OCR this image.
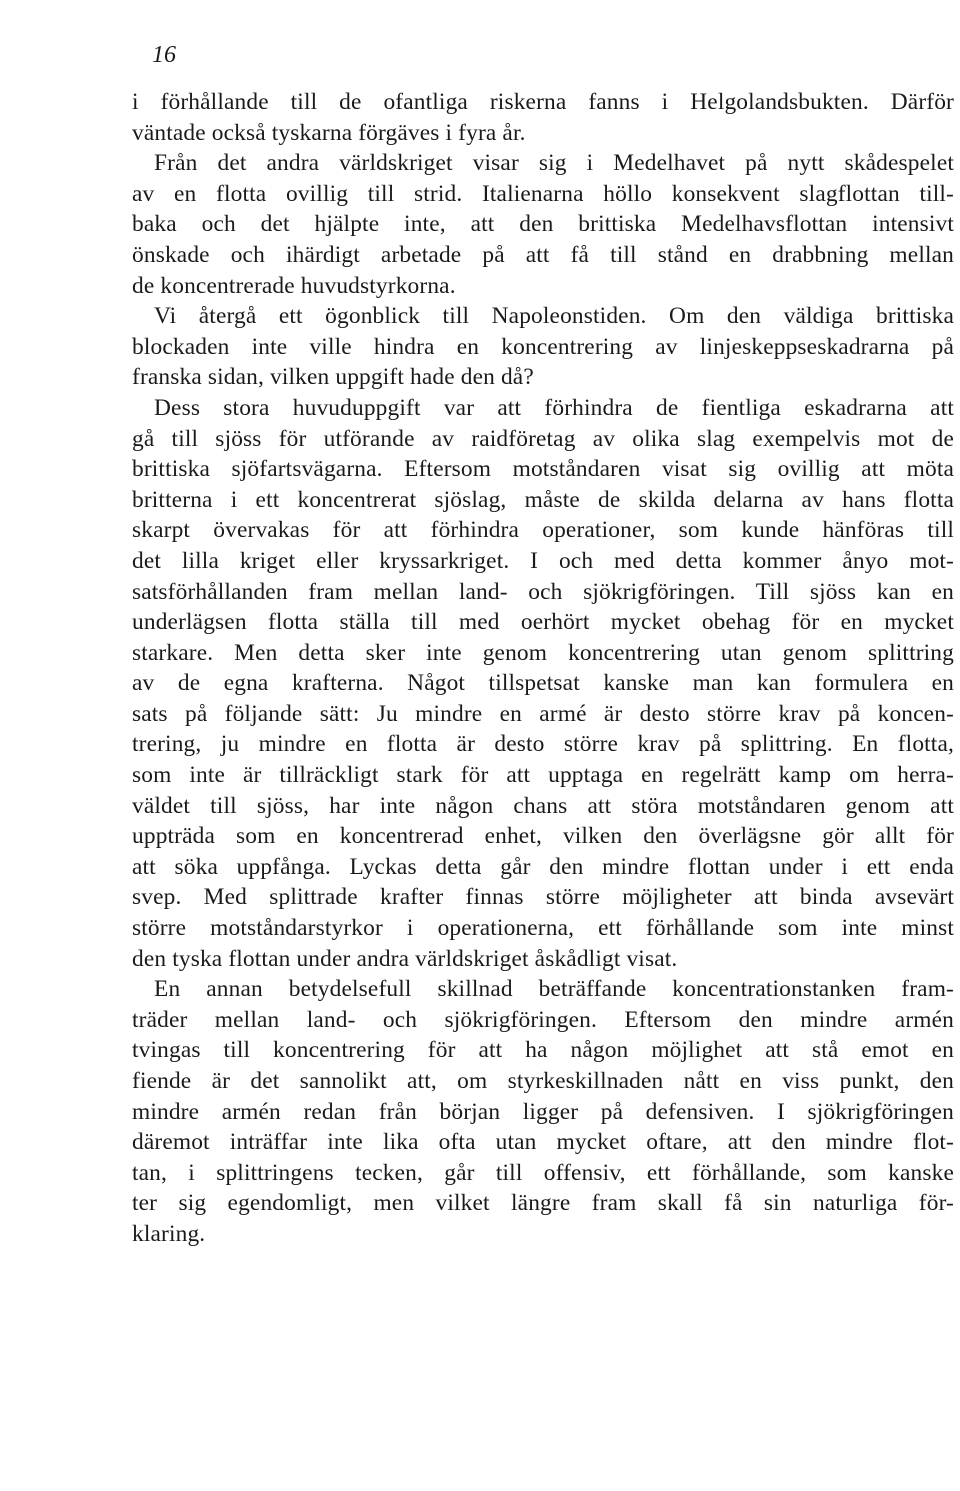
16
i förhållande till de ofantliga riskerna fanns i Helgolandsbukten. Därför
väntade också tyskarna förgäves i fyra år.
Från det andra världskriget visar sig i Medelhavet på nytt skådespelet
av en flotta ovillig till strid. Italienarna höllo konsekvent slagflottan till-
baka och det hjälpte inte, att den brittiska Medelhavsflottan intensivt
önskade och ihärdigt arbetade på att få till stånd en drabbning mellan
de koncentrerade huvudstyrkorna.
Vi återgå ett ögonblick till Napoleonstiden. Om den väldiga brittiska
blockaden inte ville hindra en koncentrering av linjeskeppseskadrarna på
franska sidan, vilken uppgift hade den då?
Dess stora huvuduppgift var att förhindra de fientliga eskadrarna att
gå till sjöss för utförande av raidföretag av olika slag exempelvis mot de
brittiska sjöfartsvägarna. Eftersom motståndaren visat sig ovillig att möta
britterna i ett koncentrerat sjöslag, måste de skilda delarna av hans flotta
skarpt övervakas för att förhindra operationer, som kunde hänföras till
det lilla kriget eller kryssarkriget. I och med detta kommer ånyo mot-
satsförhållanden fram mellan land- och sjökrigföringen. Till sjöss kan en
underlägsen flotta ställa till med oerhört mycket obehag för en mycket
starkare. Men detta sker inte genom koncentrering utan genom splittring
av de egna krafterna. Något tillspetsat kanske man kan formulera en
sats på följande sätt: Ju mindre en armé är desto större krav på koncen-
trering, ju mindre en flotta är desto större krav på splittring. En flotta,
som inte är tillräckligt stark för att upptaga en regelrätt kamp om herra-
väldet till sjöss, har inte någon chans att störa motståndaren genom att
uppträda som en koncentrerad enhet, vilken den överlägsne gör allt för
att söka uppfånga. Lyckas detta går den mindre flottan under i ett enda
svep. Med splittrade krafter finnas större möjligheter att binda avsevärt
större motståndarstyrkor i operationerna, ett förhållande som inte minst
den tyska flottan under andra världskriget åskådligt visat.
En annan betydelsefull skillnad beträffande koncentrationstanken fram-
träder mellan land- och sjökrigföringen. Eftersom den mindre armén
tvingas till koncentrering för att ha någon möjlighet att stå emot en
fiende är det sannolikt att, om styrkeskillnaden nått en viss punkt, den
mindre armén redan från början ligger på defensiven. I sjökrigföringen
däremot inträffar inte lika ofta utan mycket oftare, att den mindre flot-
tan, i splittringens tecken, går till offensiv, ett förhållande, som kanske
ter sig egendomligt, men vilket längre fram skall få sin naturliga för-
klaring.
